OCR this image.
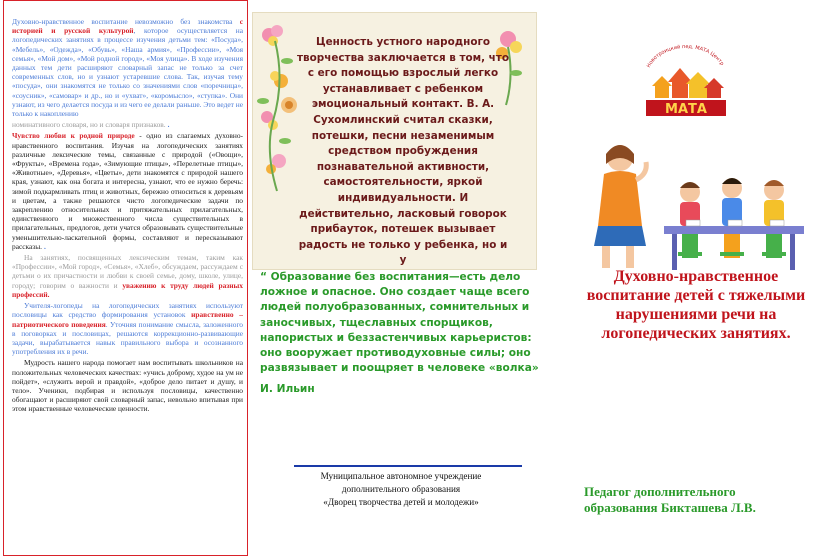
Духовно-нравственное воспитание невозможно без знакомства с историей и русской культурой, которое осуществляется на логопедических занятиях в процессе изучения детьми тем: «Посуда», «Мебель», «Одежда», «Обувь», «Наша армия», «Профессии», «Моя семья», «Мой дом», «Мой родной город», «Моя улица». В ходе изучения данных тем дети расширяют словарный запас не только за счет современных слов, но и узнают устаревшие слова. Так, изучая тему «посуда», они знакомятся не только со значениями слов «поречница», «соусник», «самовар» и др., но и «ухват», «коромысло», «ступка». Они узнают, из чего делается посуда и из чего ее делали раньше. Это ведет не только к накоплению

номинативного словаря, но и словаря признаков. .

Чувство любви к родной природе - одно из слагаемых духовно-нравственного воспитания. Изучая на логопедических занятиях различные лексические темы, связанные с природой («Овощи», «Фрукты», «Времена года», «Зимующие птицы», «Перелетные птицы», «Животные», «Деревья», «Цветы», дети знакомятся с природой нашего края, узнают, как она богата и интересна, узнают, что ее нужно беречь: зимой подкармливать птиц и животных, бережно относиться к деревьям и цветам, а также решаются чисто логопедические задачи по закреплению относительных и притяжательных прилагательных, единственного и множественного числа существительных в прилагательных, предлогов, дети учатся образовывать существительные уменьшительно-ласкательной формы, составляют и пересказывают рассказы. .

На занятиях, посвященных лексическим темам, таким как «Профессии», «Мой город», «Семья», «Хлеб», обсуждаем, рассуждаем с детьми о их причастности и любви к своей семье, дому, школе, улице, городу; говорим о важности и уважению к труду людей разных профессий.

Учителя-логопеды на логопедических занятиях используют пословицы как средство формирования установок нравственно – патриотического поведения. Уточняя понимание смысла, заложенного в поговорках и пословицах, решаются коррекционно-развивающие задачи, вырабатывается навык правильного выбора и осознанного употребления их в речи.

Мудрость нашего народа помогает нам воспитывать школьников на положительных человеческих качествах: «учись доброму, худое на ум не пойдет», «служить верой и правдой», «доброе дело питает и душу, и тело». Ученики, подбирая и используя пословицы, качественно обогащают и расширяют свой словарный запас, невольно впитывая при этом нравственные человеческие ценности.

Ценность устного народного творчества заключается в том, что с его помощью взрослый легко устанавливает с ребенком эмоциональный контакт. В. А. Сухомлинский считал сказки, потешки, песни незаменимым средством пробуждения познавательной активности, самостоятельности, яркой индивидуальности. И действительно, ласковый говорок прибауток, потешек вызывает радость не только у ребенка, но и у
“ Образование без воспитания—есть дело ложное и опасное. Оно создает чаще всего людей полуобразованных, сомнительных и заносчивых, тщеславных спорщиков, напористых и беззастенчивых карьеристов: оно вооружает противодуховные силы; оно развязывает и поощряет в человеке «волка»
И. Ильин
Муниципальное автономное учреждение
дополнительного образования
«Дворец творчества детей и молодежи»
Новотроицкий пед. МАТА Центр
МАТА
Духовно-нравственное воспитание детей с тяжелыми нарушениями речи на логопедических занятиях.
Педагог дополнительного образования Бикташева Л.В.
